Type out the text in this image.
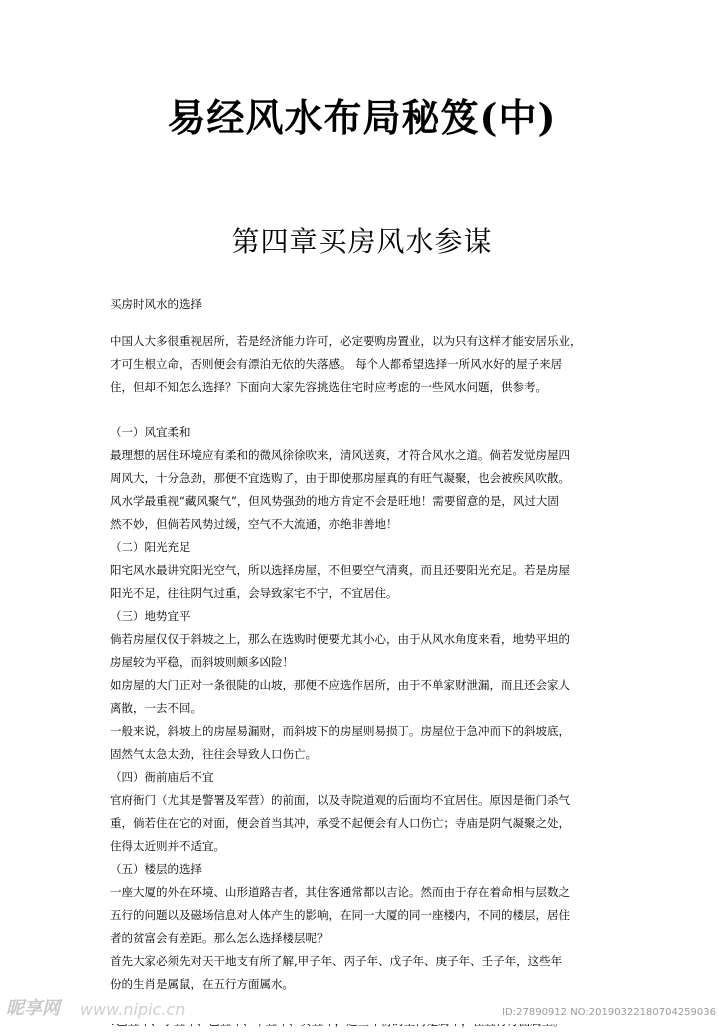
易经风水布局秘笈(中)
第四章买房风水参谋

买房时风水的选择

中国人大多很重视居所，若是经济能力许可，必定要购房置业，以为只有这样才能安居乐业，

才可生根立命，否则便会有漂泊无依的失落感。 每个人都希望选择一所风水好的屋子来居

住，但却不知怎么选择？下面向大家先容挑选住宅时应考虑的一些风水问题，供参考。

（一）风宜柔和

最理想的居住环境应有柔和的微风徐徐吹来，清风送爽，才符合风水之道。倘若发觉房屋四

周风大，十分急劲，那便不宜选购了，由于即使那房屋真的有旺气凝聚，也会被疾风吹散。

风水学最重视“藏风聚气”，但风势强劲的地方肯定不会是旺地！需要留意的是，风过大固

然不妙，但倘若风势过缓，空气不大流通，亦绝非善地！

（二）阳光充足

阳宅风水最讲究阳光空气，所以选择房屋，不但要空气清爽，而且还要阳光充足。若是房屋

阳光不足，往往阴气过重，会导致家宅不宁，不宜居住。

（三）地势宜平

倘若房屋仅仅于斜坡之上，那么在选购时便要尤其小心，由于从风水角度来看，地势平坦的

房屋较为平稳，而斜坡则颇多凶险！

如房屋的大门正对一条很陡的山坡，那便不应选作居所，由于不单家财泄漏，而且还会家人

离散，一去不回。

一般来说，斜坡上的房屋易漏财，而斜坡下的房屋则易损丁。房屋位于急冲而下的斜坡底，

固然气太急太劲，往往会导致人口伤亡。

（四）衙前庙后不宜

官府衙门（尤其是警署及军营）的前面，以及寺院道观的后面均不宜居住。原因是衙门杀气

重，倘若住在它的对面，便会首当其冲，承受不起便会有人口伤亡；寺庙是阴气凝聚之处，

住得太近则并不适宜。

（五）楼层的选择

一座大厦的外在环境、山形道路吉者，其住客通常都以吉论。然而由于存在着命相与层数之

五行的问题以及磁场信息对人体产生的影响，在同一大厦的同一座楼内，不同的楼层，居住

者的贫富会有差距。那么怎么选择楼层呢？

首先大家必须先对天干地支有所了解,甲子年、丙子年、戊子年、庚子年、壬子年，这些年

份的生肖是属鼠，在五行方面属水。

昵享网 www.nipic.cn	ID:27890912 NO:20190322180704259036
